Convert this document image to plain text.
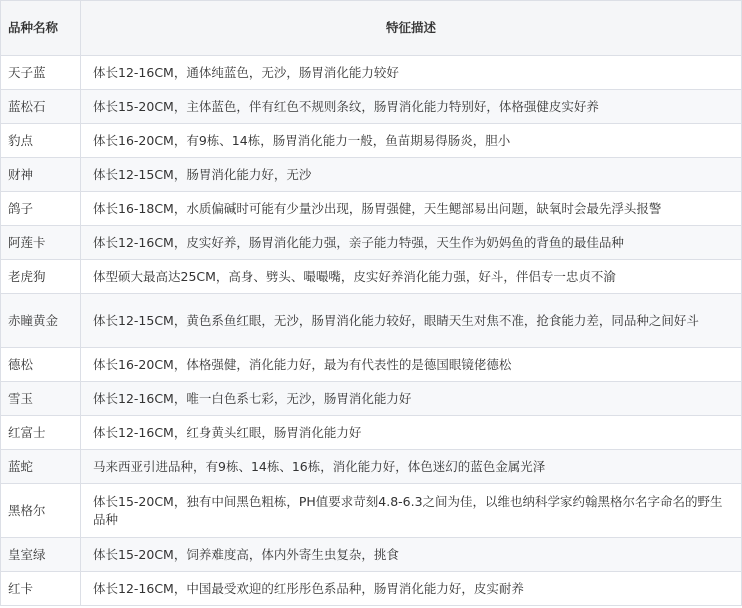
品种名称	特征描述
天子蓝	体长12-16CM，通体纯蓝色，无沙，肠胃消化能力较好
蓝松石	体长15-20CM，主体蓝色，伴有红色不规则条纹，肠胃消化能力特别好，体格强健皮实好养
豹点	体长16-20CM，有9栋、14栋，肠胃消化能力一般，鱼苗期易得肠炎，胆小
财神	体长12-15CM，肠胃消化能力好，无沙
鸽子	体长16-18CM，水质偏碱时可能有少量沙出现，肠胃强健，天生鳃部易出问题，缺氧时会最先浮头报警
阿莲卡	体长12-16CM，皮实好养，肠胃消化能力强，亲子能力特强，天生作为奶妈鱼的背鱼的最佳品种
老虎狗	体型硕大最高达25CM，高身、劈头、嘬嘬嘴，皮实好养消化能力强，好斗，伴侣专一忠贞不渝
赤瞳黄金	体长12-15CM，黄色系鱼红眼，无沙，肠胃消化能力较好，眼睛天生对焦不准，抢食能力差，同品种之间好斗
德松	体长16-20CM，体格强健，消化能力好，最为有代表性的是德国眼镜佬德松
雪玉	体长12-16CM，唯一白色系七彩，无沙，肠胃消化能力好
红富士	体长12-16CM，红身黄头红眼，肠胃消化能力好
蓝蛇	马来西亚引进品种，有9栋、14栋、16栋，消化能力好，体色迷幻的蓝色金属光泽
黑格尔	体长15-20CM，独有中间黑色粗栋，PH值要求苛刻4.8-6.3之间为佳，以维也纳科学家约翰黑格尔名字命名的野生品种
皇室绿	体长15-20CM，饲养难度高，体内外寄生虫复杂，挑食
红卡	体长12-16CM，中国最受欢迎的红彤彤色系品种，肠胃消化能力好，皮实耐养
